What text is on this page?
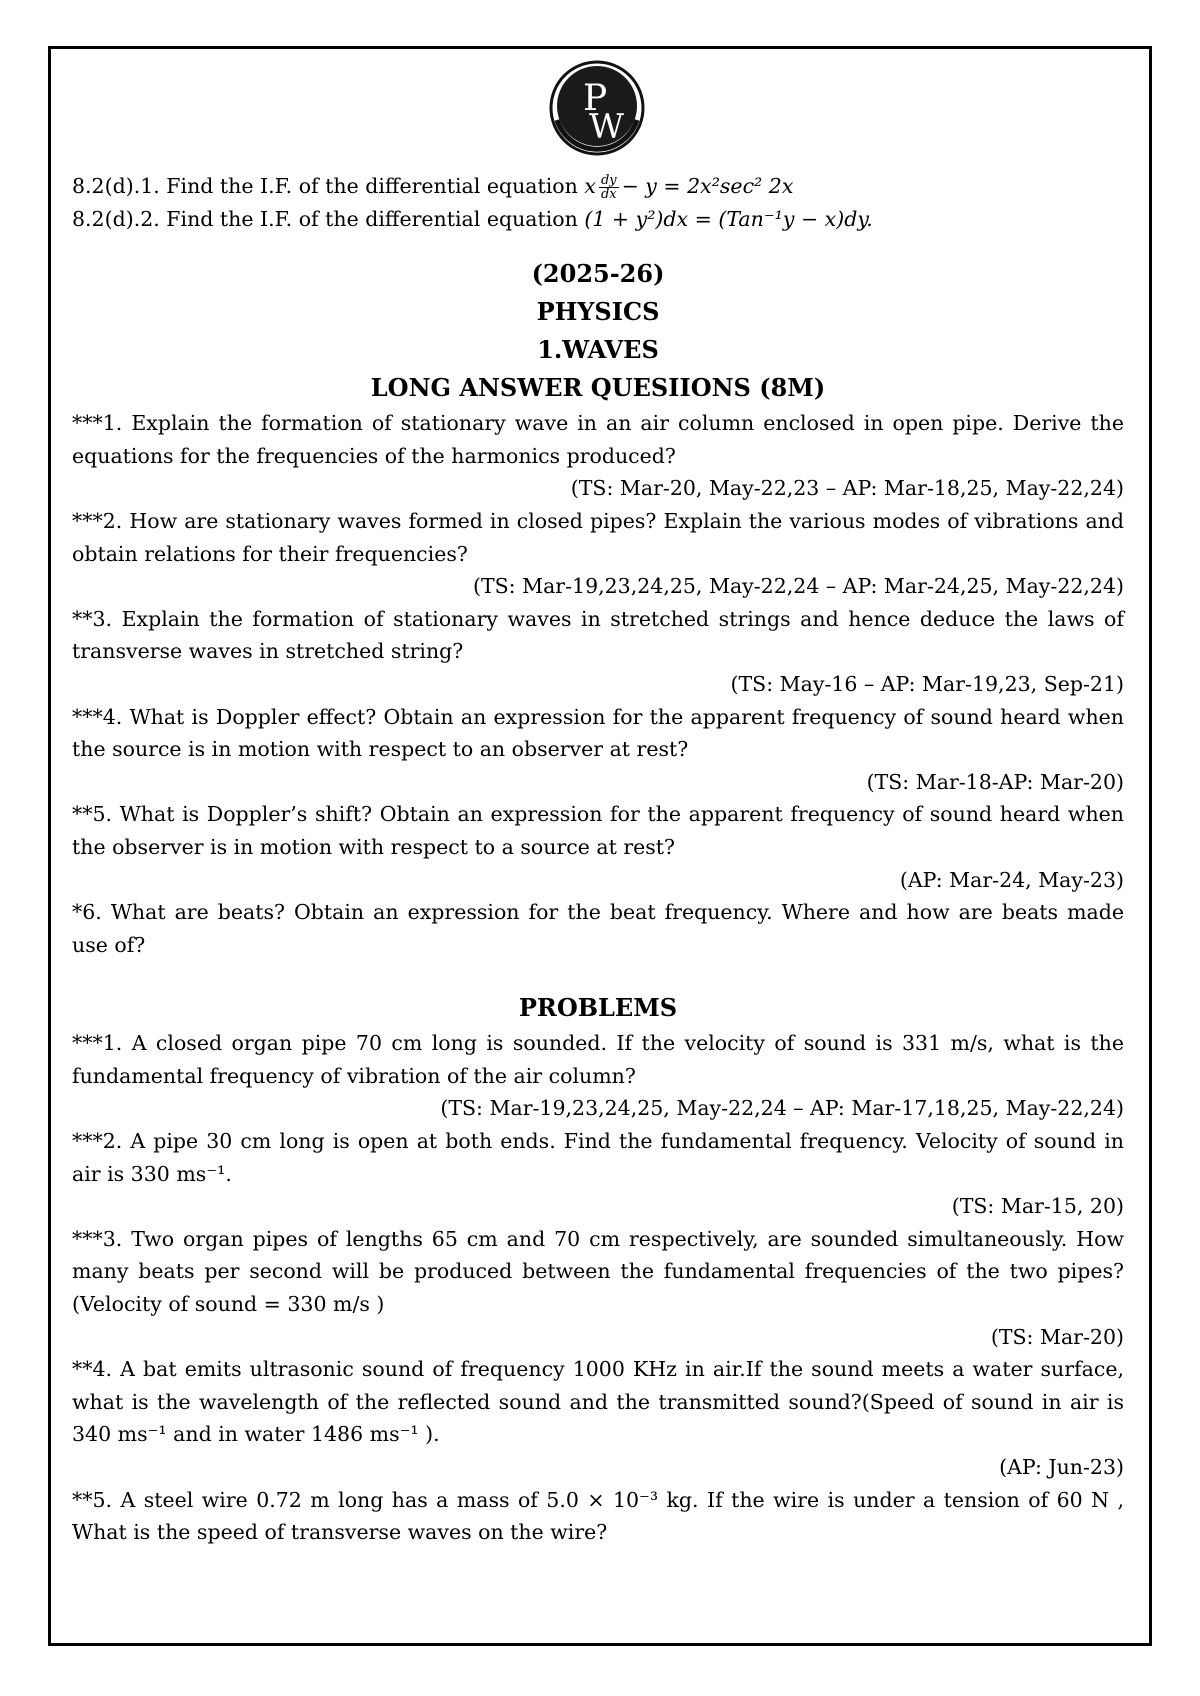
P
W

8.2(d).1. Find the I.F. of the differential equation x $\frac{dy}{dx} - y = 2x^2\sec^2$ 2x

8.2(d).2. Find the I.F. of the differential equation (1 + y²)dx = (Tan⁻¹y − x)dy.

(2025-26)

PHYSICS

1.WAVES

LONG ANSWER QUESIIONS (8M)

***1. Explain the formation of stationary wave in an air column enclosed in open pipe. Derive the equations for the frequencies of the harmonics produced?

(TS: Mar-20, May-22,23 – AP: Mar-18,25, May-22,24)

***2. How are stationary waves formed in closed pipes? Explain the various modes of vibrations and obtain relations for their frequencies?

(TS: Mar-19,23,24,25, May-22,24 – AP: Mar-24,25, May-22,24)

**3. Explain the formation of stationary waves in stretched strings and hence deduce the laws of transverse waves in stretched string?

(TS: May-16 – AP: Mar-19,23, Sep-21)

***4. What is Doppler effect? Obtain an expression for the apparent frequency of sound heard when the source is in motion with respect to an observer at rest?

(TS: Mar-18-AP: Mar-20)

**5. What is Doppler’s shift? Obtain an expression for the apparent frequency of sound heard when the observer is in motion with respect to a source at rest?

(AP: Mar-24, May-23)

*6. What are beats? Obtain an expression for the beat frequency. Where and how are beats made use of?

PROBLEMS

***1. A closed organ pipe 70 cm long is sounded. If the velocity of sound is 331 m/s, what is the fundamental frequency of vibration of the air column?

(TS: Mar-19,23,24,25, May-22,24 – AP: Mar-17,18,25, May-22,24)

***2. A pipe 30 cm long is open at both ends. Find the fundamental frequency. Velocity of sound in air is 330 ms⁻¹.

(TS: Mar-15, 20)

***3. Two organ pipes of lengths 65 cm and 70 cm respectively, are sounded simultaneously. How many beats per second will be produced between the fundamental frequencies of the two pipes? (Velocity of sound = 330 m/s )

(TS: Mar-20)

**4. A bat emits ultrasonic sound of frequency 1000 KHz in air.If the sound meets a water surface, what is the wavelength of the reflected sound and the transmitted sound?(Speed of sound in air is 340 ms⁻¹ and in water 1486 ms⁻¹ ).

(AP: Jun-23)

**5. A steel wire 0.72 m long has a mass of 5.0 × 10⁻³ kg. If the wire is under a tension of 60 N , What is the speed of transverse waves on the wire?
